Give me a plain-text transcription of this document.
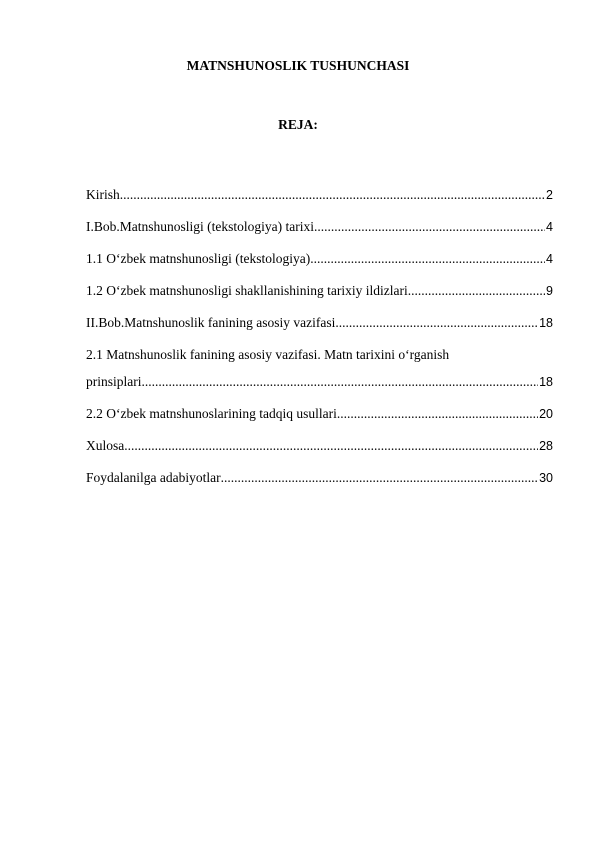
MATNSHUNOSLIK TUSHUNCHASI
REJA:
Kirish .....	2
I.Bob.Matnshunosligi (tekstologiya) tarixi .....	4
1.1 O‘zbek matnshunosligi (tekstologiya) .....	4
1.2 O‘zbek matnshunosligi shakllanishining tarixiy ildizlari .....	9
II.Bob.Matnshunoslik fanining asosiy vazifasi .....	18
2.1 Matnshunoslik fanining asosiy vazifasi. Matn tarixini o‘rganish
prinsiplari .....	18
2.2 O‘zbek matnshunoslarining tadqiq usullari .....	20
Xulosa .....	28
Foydalanilga adabiyotlar .....	30
